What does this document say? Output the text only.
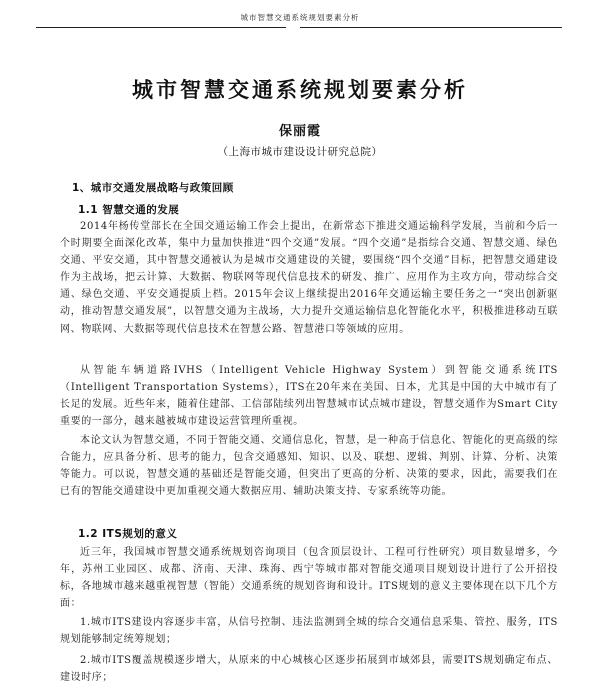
城市智慧交通系统规划要素分析
城市智慧交通系统规划要素分析
保丽霞
（上海市城市建设设计研究总院）
1、城市交通发展战略与政策回顾
1.1 智慧交通的发展
2014年杨传堂部长在全国交通运输工作会上提出，在新常态下推进交通运输科学发展，当前和今后一个时期要全面深化改革，集中力量加快推进“四个交通”发展。“四个交通”是指综合交通、智慧交通、绿色交通、平安交通，其中智慧交通被认为是城市交通建设的关键，要围绕“四个交通”目标，把智慧交通建设作为主战场，把云计算、大数据、物联网等现代信息技术的研发、推广、应用作为主攻方向，带动综合交通、绿色交通、平安交通提质上档。2015年会议上继续提出2016年交通运输主要任务之一“突出创新驱动，推动智慧交通发展”，以智慧交通为主战场，大力提升交通运输信息化智能化水平，积极推进移动互联网、物联网、大数据等现代信息技术在智慧公路、智慧港口等领域的应用。
从智能车辆道路IVHS（Intelligent Vehicle Highway System）到智能交通系统ITS（Intelligent Transportation Systems），ITS在20年来在美国、日本，尤其是中国的大中城市有了长足的发展。近些年来，随着住建部、工信部陆续列出智慧城市试点城市建设，智慧交通作为Smart City重要的一部分，越来越被城市建设运营管理所重视。
本论文认为智慧交通，不同于智能交通、交通信息化，智慧，是一种高于信息化、智能化的更高级的综合能力，应具备分析、思考的能力，包含交通感知、知识、以及、联想、逻辑、判别、计算、分析、决策等能力。可以说，智慧交通的基础还是智能交通，但突出了更高的分析、决策的要求，因此，需要我们在已有的智能交通建设中更加重视交通大数据应用、辅助决策支持、专家系统等功能。
1.2 ITS规划的意义
近三年，我国城市智慧交通系统规划咨询项目（包含顶层设计、工程可行性研究）项目数显增多，今年，苏州工业园区、成都、济南、天津、珠海、西宁等城市都对智能交通项目规划设计进行了公开招投标，各地城市越来越重视智慧（智能）交通系统的规划咨询和设计。ITS规划的意义主要体现在以下几个方面：
1.城市ITS建设内容逐步丰富，从信号控制、违法监测到全城的综合交通信息采集、管控、服务，ITS规划能够制定统筹规划；
2.城市ITS覆盖规模逐步增大，从原来的中心城核心区逐步拓展到市域郊县，需要ITS规划确定布点、建设时序；
